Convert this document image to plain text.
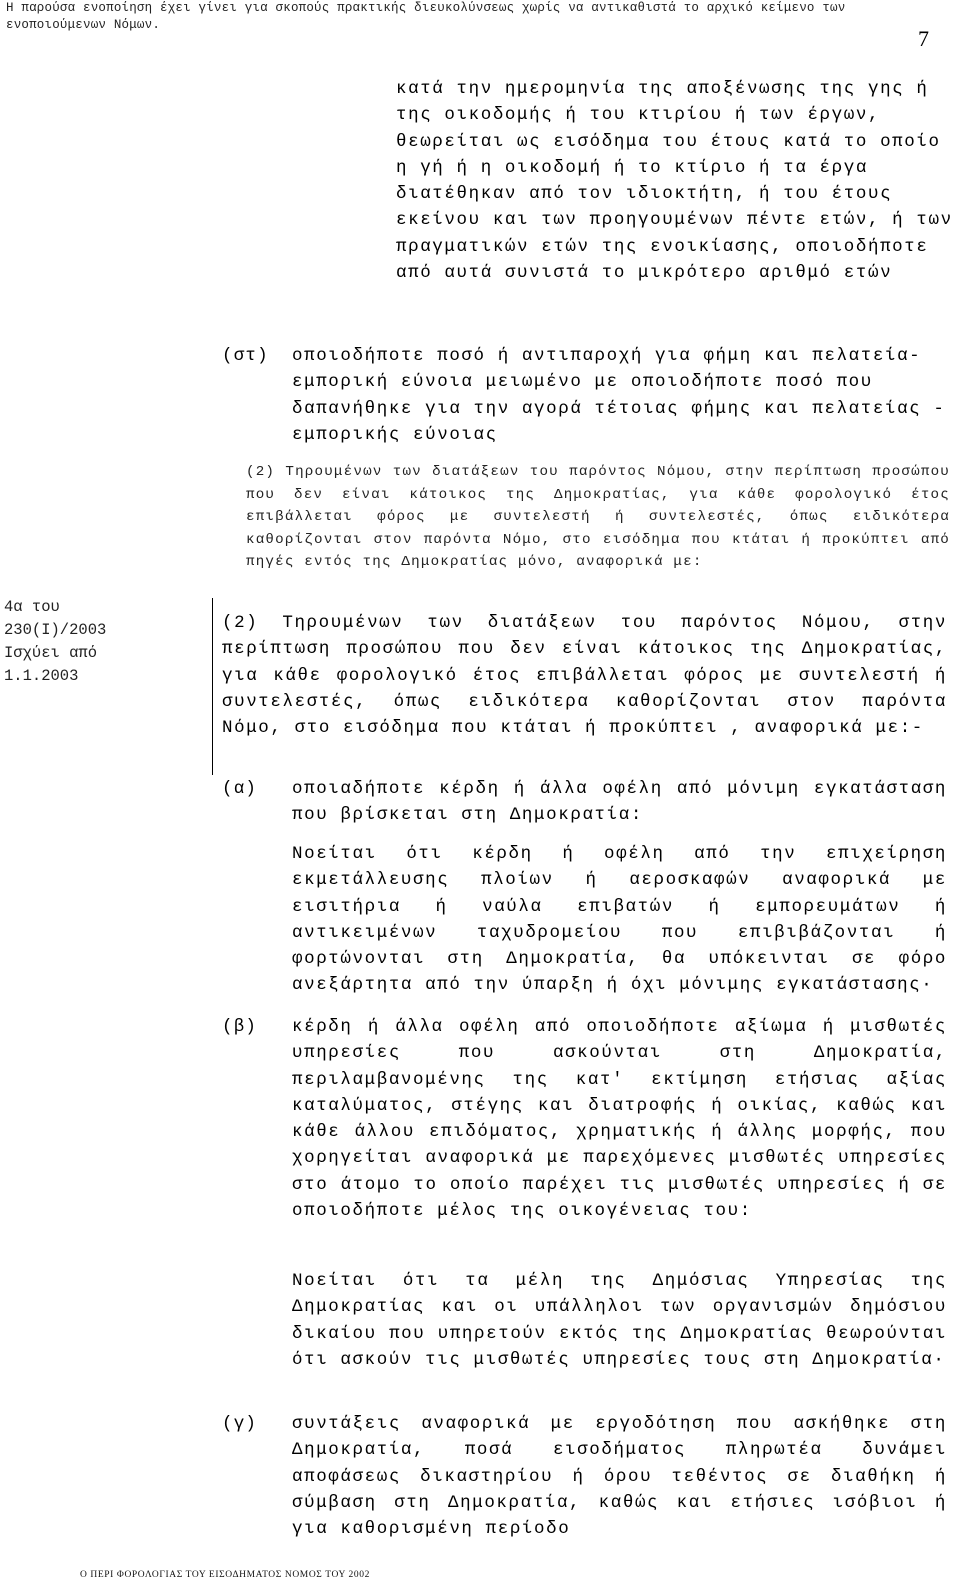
Η παρούσα ενοποίηση έχει γίνει για σκοπούς πρακτικής διευκολύνσεως χωρίς να αντικαθιστά το αρχικό κείμενο των ενοποιούμενων Νόμων.
7
κατά την ημερομηνία της αποξένωσης της γης ή της οικοδομής ή του κτιρίου ή των έργων, θεωρείται ως εισόδημα του έτους κατά το οποίο η γή ή η οικοδομή ή το κτίριο ή τα έργα διατέθηκαν από τον ιδιοκτήτη, ή του έτους εκείνου και των προηγουμένων πέντε ετών, ή των πραγματικών ετών της ενοικίασης, οποιοδήποτε από αυτά συνιστά το μικρότερο αριθμό ετών
(στ) οποιοδήποτε ποσό ή αντιπαροχή για φήμη και πελατεία-εμπορική εύνοια μειωμένο με οποιοδήποτε ποσό που δαπανήθηκε για την αγορά τέτοιας φήμης και πελατείας - εμπορικής εύνοιας
(2) Τηρουμένων των διατάξεων του παρόντος Νόμου, στην περίπτωση προσώπου που δεν είναι κάτοικος της Δημοκρατίας, για κάθε φορολογικό έτος επιβάλλεται φόρος με συντελεστή ή συντελεστές, όπως ειδικότερα καθορίζονται στον παρόντα Νόμο, στο εισόδημα που κτάται ή προκύπτει από πηγές εντός της Δημοκρατίας μόνο, αναφορικά με:
4α του
230(Ι)/2003
Ισχύει από
1.1.2003
(2) Τηρουμένων των διατάξεων του παρόντος Νόμου, στην περίπτωση προσώπου που δεν είναι κάτοικος της Δημοκρατίας, για κάθε φορολογικό έτος επιβάλλεται φόρος με συντελεστή ή συντελεστές, όπως ειδικότερα καθορίζονται στον παρόντα Νόμο, στο εισόδημα που κτάται ή προκύπτει , αναφορικά με:-
(α) οποιαδήποτε κέρδη ή άλλα οφέλη από μόνιμη εγκατάσταση που βρίσκεται στη Δημοκρατία:
Νοείται ότι κέρδη ή οφέλη από την επιχείρηση εκμετάλλευσης πλοίων ή αεροσκαφών αναφορικά με εισιτήρια ή ναύλα επιβατών ή εμπορευμάτων ή αντικειμένων ταχυδρομείου που επιβιβάζονται ή φορτώνονται στη Δημοκρατία, θα υπόκεινται σε φόρο ανεξάρτητα από την ύπαρξη ή όχι μόνιμης εγκατάστασης·
(β) κέρδη ή άλλα οφέλη από οποιοδήποτε αξίωμα ή μισθωτές υπηρεσίες που ασκούνται στη Δημοκρατία, περιλαμβανομένης της κατ' εκτίμηση ετήσιας αξίας καταλύματος, στέγης και διατροφής ή οικίας, καθώς και κάθε άλλου επιδόματος, χρηματικής ή άλλης μορφής, που χορηγείται αναφορικά με παρεχόμενες μισθωτές υπηρεσίες στο άτομο το οποίο παρέχει τις μισθωτές υπηρεσίες ή σε οποιοδήποτε μέλος της οικογένειας του:
Νοείται ότι τα μέλη της Δημόσιας Υπηρεσίας της Δημοκρατίας και οι υπάλληλοι των οργανισμών δημόσιου δικαίου που υπηρετούν εκτός της Δημοκρατίας θεωρούνται ότι ασκούν τις μισθωτές υπηρεσίες τους στη Δημοκρατία·
(γ) συντάξεις αναφορικά με εργοδότηση που ασκήθηκε στη Δημοκρατία, ποσά εισοδήματος πληρωτέα δυνάμει αποφάσεως δικαστηρίου ή όρου τεθέντος σε διαθήκη ή σύμβαση στη Δημοκρατία, καθώς και ετήσιες ισόβιοι ή για καθορισμένη περίοδο
Ο ΠΕΡΙ ΦΟΡΟΛΟΓΙΑΣ ΤΟΥ ΕΙΣΟΔΗΜΑΤΟΣ ΝΟΜΟΣ ΤΟΥ 2002
